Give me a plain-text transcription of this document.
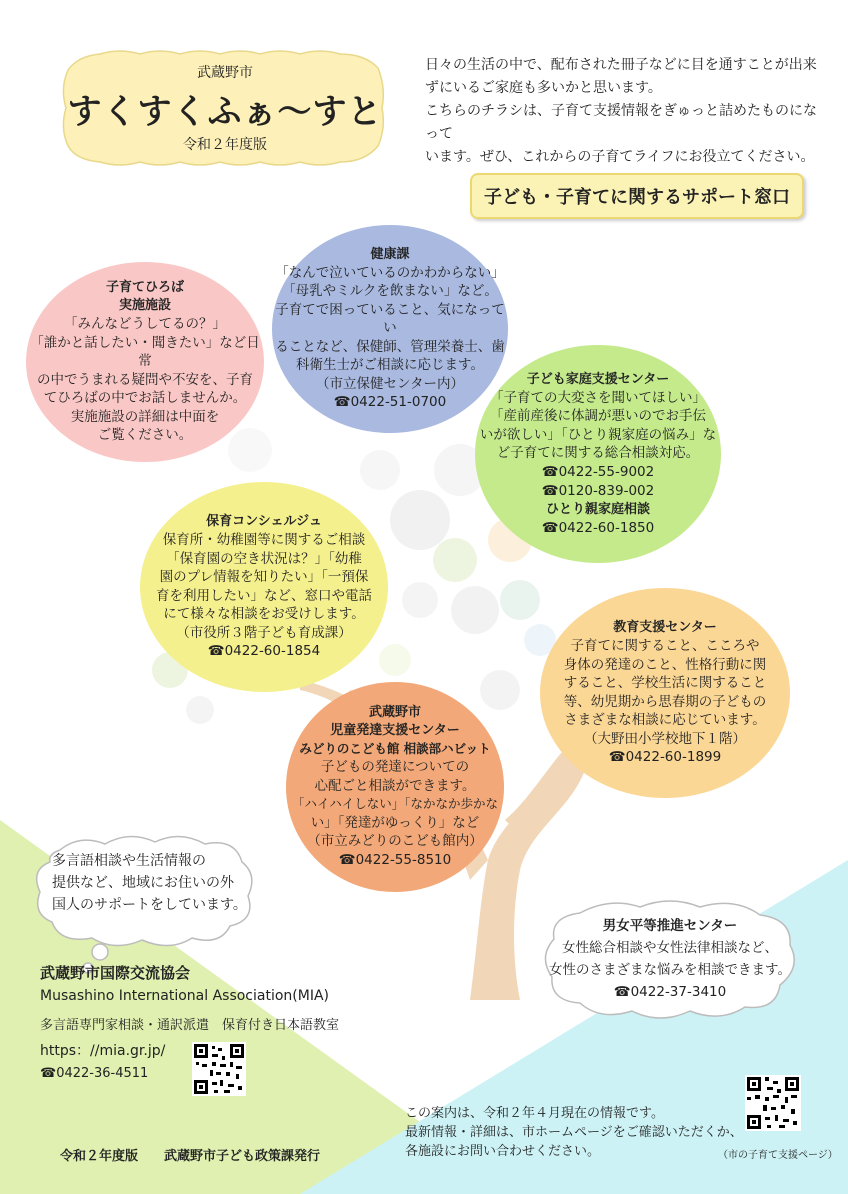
武蔵野市
すくすくふぁ〜すと
令和２年度版
日々の生活の中で、配布された冊子などに目を通すことが出来
ずにいるご家庭も多いかと思います。
こちらのチラシは、子育て支援情報をぎゅっと詰めたものになって
います。ぜひ、これからの子育てライフにお役立てください。
子ども・子育てに関するサポート窓口
健康課
「なんで泣いているのかわからない」
「母乳やミルクを飲まない」など。
子育てで困っていること、気になってい
ることなど、保健師、管理栄養士、歯
科衛生士がご相談に応じます。
（市立保健センター内）
☎0422-51-0700
子育てひろば
実施施設
「みんなどうしてるの？」
「誰かと話したい・聞きたい」など日常
の中でうまれる疑問や不安を、子育
てひろばの中でお話しませんか。
実施施設の詳細は中面を
ご覧ください。
子ども家庭支援センター
「子育ての大変さを聞いてほしい」
「産前産後に体調が悪いのでお手伝
いが欲しい」「ひとり親家庭の悩み」な
ど子育てに関する総合相談対応。
☎0422-55-9002
☎0120-839-002
ひとり親家庭相談
☎0422-60-1850
保育コンシェルジュ
保育所・幼稚園等に関するご相談
「保育園の空き状況は？」「幼稚
園のプレ情報を知りたい」「一預保
育を利用したい」など、窓口や電話
にて様々な相談をお受けします。
（市役所３階子ども育成課）
☎0422-60-1854
教育支援センター
子育てに関すること、こころや
身体の発達のこと、性格行動に関
すること、学校生活に関すること
等、幼児期から思春期の子どもの
さまざまな相談に応じています。
（大野田小学校地下１階）
☎0422-60-1899
武蔵野市
児童発達支援センター
みどりのこども館 相談部ハビット
子どもの発達についての
心配ごと相談ができます。
「ハイハイしない」「なかなか歩かな
い」「発達がゆっくり」など
（市立みどりのこども館内）
☎0422-55-8510
多言語相談や生活情報の
提供など、地域にお住いの外
国人のサポートをしています。
武蔵野市国際交流協会
Musashino International Association(MIA)
多言語専門家相談・通訳派遣　保育付き日本語教室
https：//mia.gr.jp/
☎0422-36-4511
男女平等推進センター
女性総合相談や女性法律相談など、
女性のさまざまな悩みを相談できます。
☎0422-37-3410
この案内は、令和２年４月現在の情報です。
最新情報・詳細は、市ホームページをご確認いただくか、
各施設にお問い合わせください。	（市の子育て支援ページ）
令和２年度版　　武蔵野市子ども政策課発行
